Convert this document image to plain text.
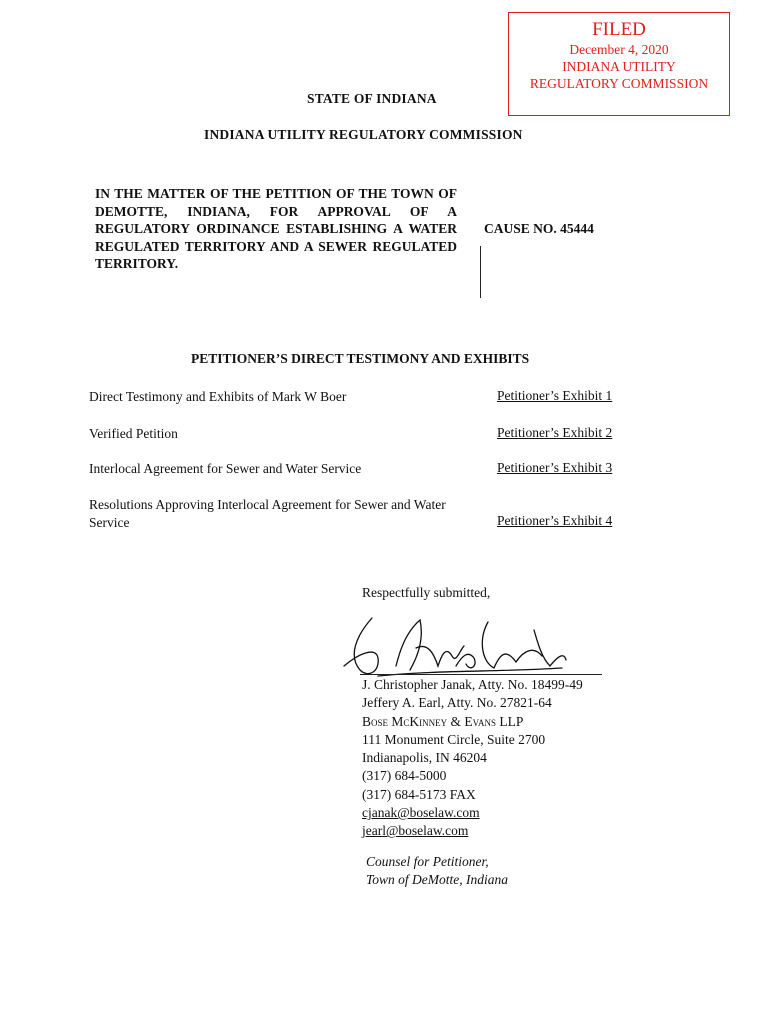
FILED
December 4, 2020
INDIANA UTILITY
REGULATORY COMMISSION
STATE OF INDIANA
INDIANA UTILITY REGULATORY COMMISSION
IN THE MATTER OF THE PETITION OF THE TOWN OF DEMOTTE, INDIANA, FOR APPROVAL OF A REGULATORY ORDINANCE ESTABLISHING A WATER REGULATED TERRITORY AND A SEWER REGULATED TERRITORY.
CAUSE NO. 45444
PETITIONER’S DIRECT TESTIMONY AND EXHIBITS
Direct Testimony and Exhibits of Mark W Boer	Petitioner’s Exhibit 1
Verified Petition	Petitioner’s Exhibit 2
Interlocal Agreement for Sewer and Water Service	Petitioner’s Exhibit 3
Resolutions Approving Interlocal Agreement for Sewer and Water Service	Petitioner’s Exhibit 4
Respectfully submitted,
J. Christopher Janak, Atty. No. 18499-49
Jeffery A. Earl, Atty. No. 27821-64
Bose McKinney & Evans LLP
111 Monument Circle, Suite 2700
Indianapolis, IN 46204
(317) 684-5000
(317) 684-5173 FAX
cjanak@boselaw.com
jearl@boselaw.com
Counsel for Petitioner,
Town of DeMotte, Indiana
